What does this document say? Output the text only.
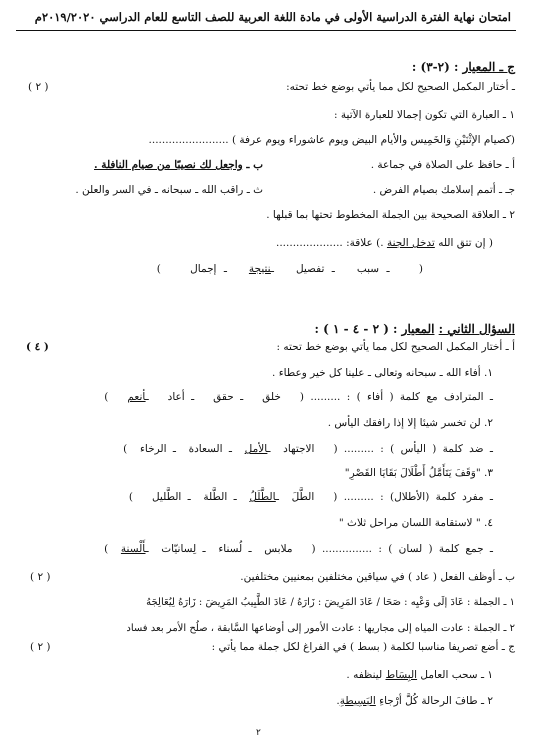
امتحان نهاية الفترة الدراسية الأولى في مادة اللغة العربية للصف التاسع للعام الدراسي ٢٠١٩/٢٠٢٠م
ج ـ المعيار : (٢-٣) :
ـ أختار المكمل الصحيح لكل مما يأتي بوضع خط تحته:
( ٢ )
١ ـ العبارة التي تكون إجمالا للعبارة الآتية :
(كصيام الإثْنَيْنِ وَالخَمِيس والأيام البيض ويوم عاشوراء ويوم عرفة ) ........................
أ ـ حافظ على الصلاة في جماعة .
ب ـ واجعل لك نصيبًا من صيام النافلة .
جـ ـ أتمم إسلامك بصيام الفرض .
ث ـ راقب الله ـ سبحانه ـ في السر والعلن .
٢ ـ العلاقة الصحيحة بين الجملة المخطوط تحتها بما قبلها .
( إن تتق الله تدخل الجنة .) علاقة: ....................
(    ـ سبب   ـ تفصيل   ـنتيجة   ـ إجمال    )
السؤال الثاني : المعيار : ( ٢ - ٤ - ١ ) :
( ٤ )	أ ـ أختار المكمل الصحيح لكل مما يأتي بوضع خط تحته :
١. أفاء الله ـ سبحانه وتعالى ـ علينا كل خير وعطاء .
ـ المترادف مع كلمة ( أفاء ) : ......... (   خلق   ـ حقق   ـ أعاد   ـأنعم   )
٢. لن تخسر شيئا إلا إذا رافقك اليأس .
ـ ضد كلمة ( اليأس ) : ......... (   الاجتهاد  ـالأمل  ـ السعادة  ـ الرخاء  )
٣. "وَقَفَ يَتَأَمَّلُ أَطْلَالَ بَقَايَا القَصْرِ"
ـ مفرد كلمة (الأطلال) : ......... (   الطَّلَ  ـالطَّلَلُ  ـ الطَّلة  ـ الطَّليل   )
٤. " لاستقامة اللسان مراحل ثلاث "
ـ جمع كلمة ( لسان ) : ............... (   ملابس  ـ لُسناء  ـ لِسانيّات  ـأَلْسنة  )
ب ـ أوظف الفعل ( عاد ) في سياقين مختلفين بمعنيين مختلفين.
( ٢ )
١ ـ الجملة : عَادَ إلَى وَعْيِه : صَحَا / عَادَ المَرِيضَ : زَارَهُ / عَادَ الطَّبِيبُ المَرِيضَ : زَارَهُ لِيُعَالِجَهُ
٢ ـ الجملة : عادت المياه إلى مجاريها : عادت الأمور إلى أوضاعها السَّابقة ، صلُح الأمر بعد فساد
ج ـ أضع تصريفا مناسبا لكلمة ( بسط ) في الفراغ لكل جملة مما يأتي :
( ٢ )
١ ـ سحب العامل البِسَاط لينظفه .
٢ ـ طافَ الرحالة كُلَّ أرْجاءِ البَسِيطةِ.
٢
